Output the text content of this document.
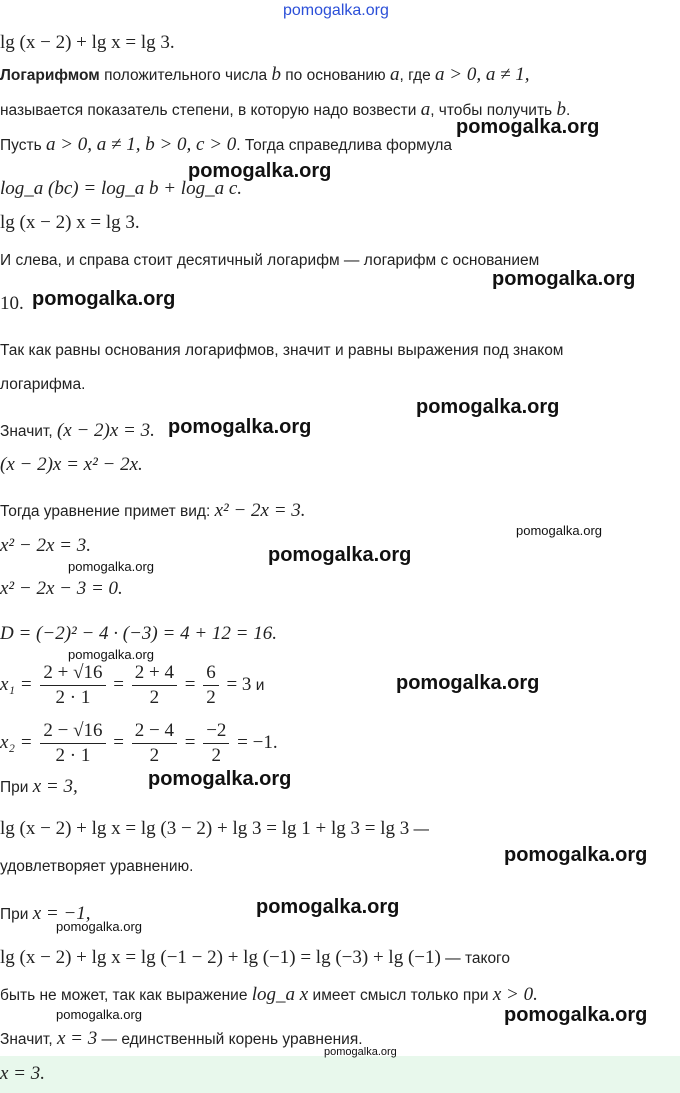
pomogalka.org
lg (x − 2) + lg x = lg 3.
Логарифмом положительного числа b по основанию a, где a > 0, a ≠ 1,
называется показатель степени, в которую надо возвести a, чтобы получить b.
Пусть a > 0, a ≠ 1, b > 0, c > 0. Тогда справедлива формула
log_a (bc) = log_a b + log_a c.
lg (x − 2) x = lg 3.
И слева, и справа стоит десятичный логарифм — логарифм с основанием
10.
Так как равны основания логарифмов, значит и равны выражения под знаком
логарифма.
Значит, (x − 2)x = 3.
(x − 2)x = x² − 2x.
Тогда уравнение примет вид: x² − 2x = 3.
x² − 2x = 3.
x² − 2x − 3 = 0.
D = (−2)² − 4 · (−3) = 4 + 12 = 16.
$x_1 = \frac{2 + √16}{2 \cdot 1} = \frac{2 + 4}{2} = \frac{6}{2} = 3$ и
$x_2 = \frac{2 - √16}{2 \cdot 1} = \frac{2 - 4}{2} = \frac{-2}{2} = -1$.
При x = 3,
lg (x − 2) + lg x = lg (3 − 2) + lg 3 = lg 1 + lg 3 = lg 3 —
удовлетворяет уравнению.
При x = −1,
lg (x − 2) + lg x = lg (−1 − 2) + lg (−1) = lg (−3) + lg (−1) — такого
быть не может, так как выражение log_a x имеет смысл только при x > 0.
Значит, x = 3 — единственный корень уравнения.
x = 3.
pomogalka.org
pomogalka.org
pomogalka.org
pomogalka.org
pomogalka.org
pomogalka.org
pomogalka.org
pomogalka.org
pomogalka.org
pomogalka.org
pomogalka.org
pomogalka.org
pomogalka.org
pomogalka.org
pomogalka.org
pomogalka.org	pomogalka.org
pomogalka.org
